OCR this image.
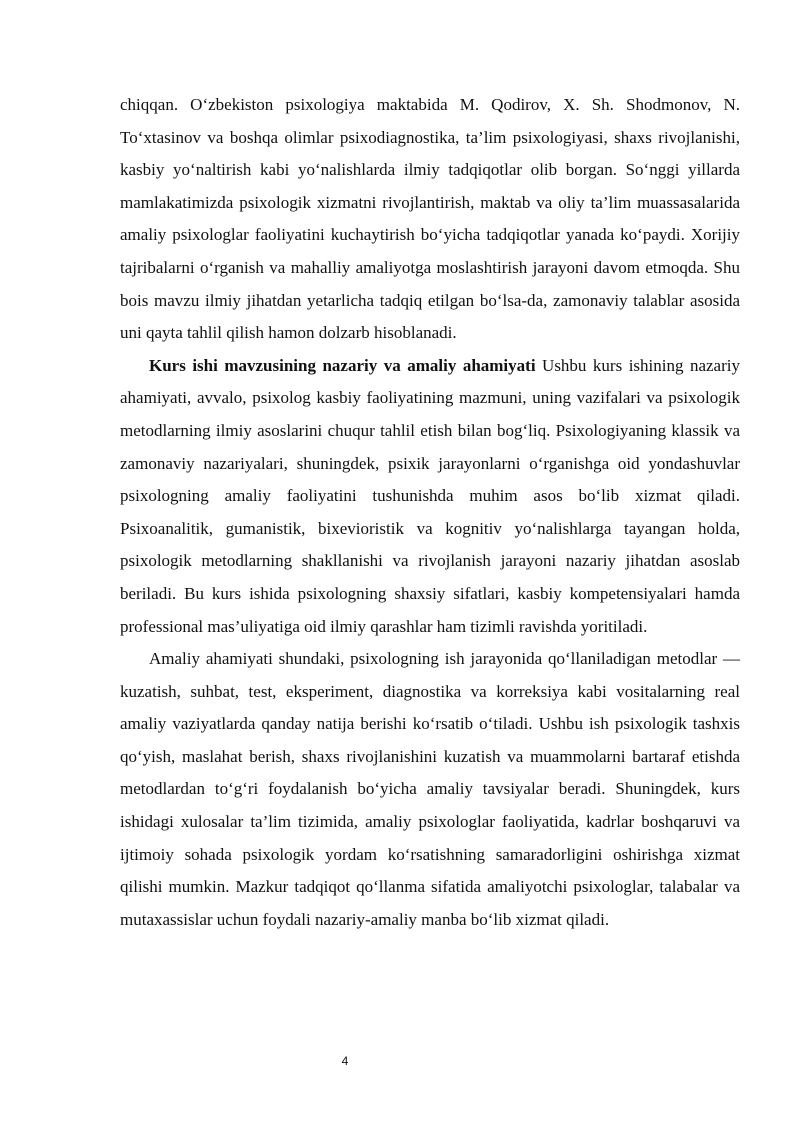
chiqqan. O‘zbekiston psixologiya maktabida M. Qodirov, X. Sh. Shodmonov, N. To‘xtasinov va boshqa olimlar psixodiagnostika, ta’lim psixologiyasi, shaxs rivojlanishi, kasbiy yo‘naltirish kabi yo‘nalishlarda ilmiy tadqiqotlar olib borgan. So‘nggi yillarda mamlakatimizda psixologik xizmatni rivojlantirish, maktab va oliy ta’lim muassasalarida amaliy psixologlar faoliyatini kuchaytirish bo‘yicha tadqiqotlar yanada ko‘paydi. Xorijiy tajribalarni o‘rganish va mahalliy amaliyotga moslashtirish jarayoni davom etmoqda. Shu bois mavzu ilmiy jihatdan yetarlicha tadqiq etilgan bo‘lsa-da, zamonaviy talablar asosida uni qayta tahlil qilish hamon dolzarb hisoblanadi.

Kurs ishi mavzusining nazariy va amaliy ahamiyati Ushbu kurs ishining nazariy ahamiyati, avvalo, psixolog kasbiy faoliyatining mazmuni, uning vazifalari va psixologik metodlarning ilmiy asoslarini chuqur tahlil etish bilan bog‘liq. Psixologiyaning klassik va zamonaviy nazariyalari, shuningdek, psixik jarayonlarni o‘rganishga oid yondashuvlar psixologning amaliy faoliyatini tushunishda muhim asos bo‘lib xizmat qiladi. Psixoanalitik, gumanistik, bixevioristik va kognitiv yo‘nalishlarga tayangan holda, psixologik metodlarning shakllanishi va rivojlanish jarayoni nazariy jihatdan asoslab beriladi. Bu kurs ishida psixologning shaxsiy sifatlari, kasbiy kompetensiyalari hamda professional mas’uliyatiga oid ilmiy qarashlar ham tizimli ravishda yoritiladi.

Amaliy ahamiyati shundaki, psixologning ish jarayonida qo‘llaniladigan metodlar — kuzatish, suhbat, test, eksperiment, diagnostika va korreksiya kabi vositalarning real amaliy vaziyatlarda qanday natija berishi ko‘rsatib o‘tiladi. Ushbu ish psixologik tashxis qo‘yish, maslahat berish, shaxs rivojlanishini kuzatish va muammolarni bartaraf etishda metodlardan to‘g‘ri foydalanish bo‘yicha amaliy tavsiyalar beradi. Shuningdek, kurs ishidagi xulosalar ta’lim tizimida, amaliy psixologlar faoliyatida, kadrlar boshqaruvi va ijtimoiy sohada psixologik yordam ko‘rsatishning samaradorligini oshirishga xizmat qilishi mumkin. Mazkur tadqiqot qo‘llanma sifatida amaliyotchi psixologlar, talabalar va mutaxassislar uchun foydali nazariy-amaliy manba bo‘lib xizmat qiladi.

4
